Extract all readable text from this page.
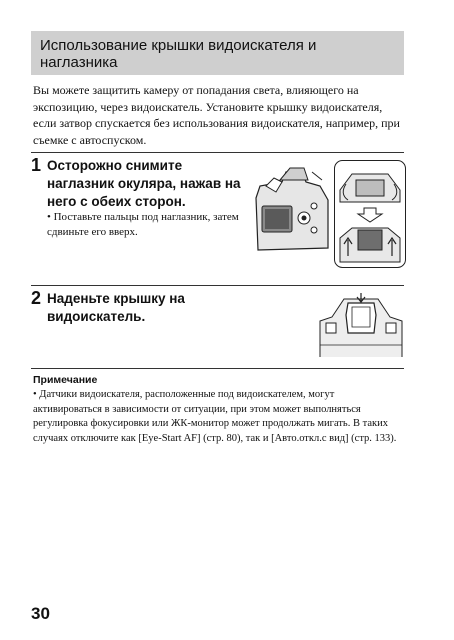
Использование крышки видоискателя и наглазника
Вы можете защитить камеру от попадания света, влияющего на экспозицию, через видоискатель. Установите крышку видоискателя, если затвор спускается без использования видоискателя, например, при съемке с автоспуском.
1 Осторожно снимите наглазник окуляра, нажав на него с обеих сторон.
• Поставьте пальцы под наглазник, затем сдвиньте его вверх.
2 Наденьте крышку на видоискатель.
Примечание
• Датчики видоискателя, расположенные под видоискателем, могут активироваться в зависимости от ситуации, при этом может выполняться регулировка фокусировки или ЖК-монитор может продолжать мигать. В таких случаях отключите как [Eye-Start AF] (стр. 80), так и [Авто.откл.с вид] (стр. 133).
30
